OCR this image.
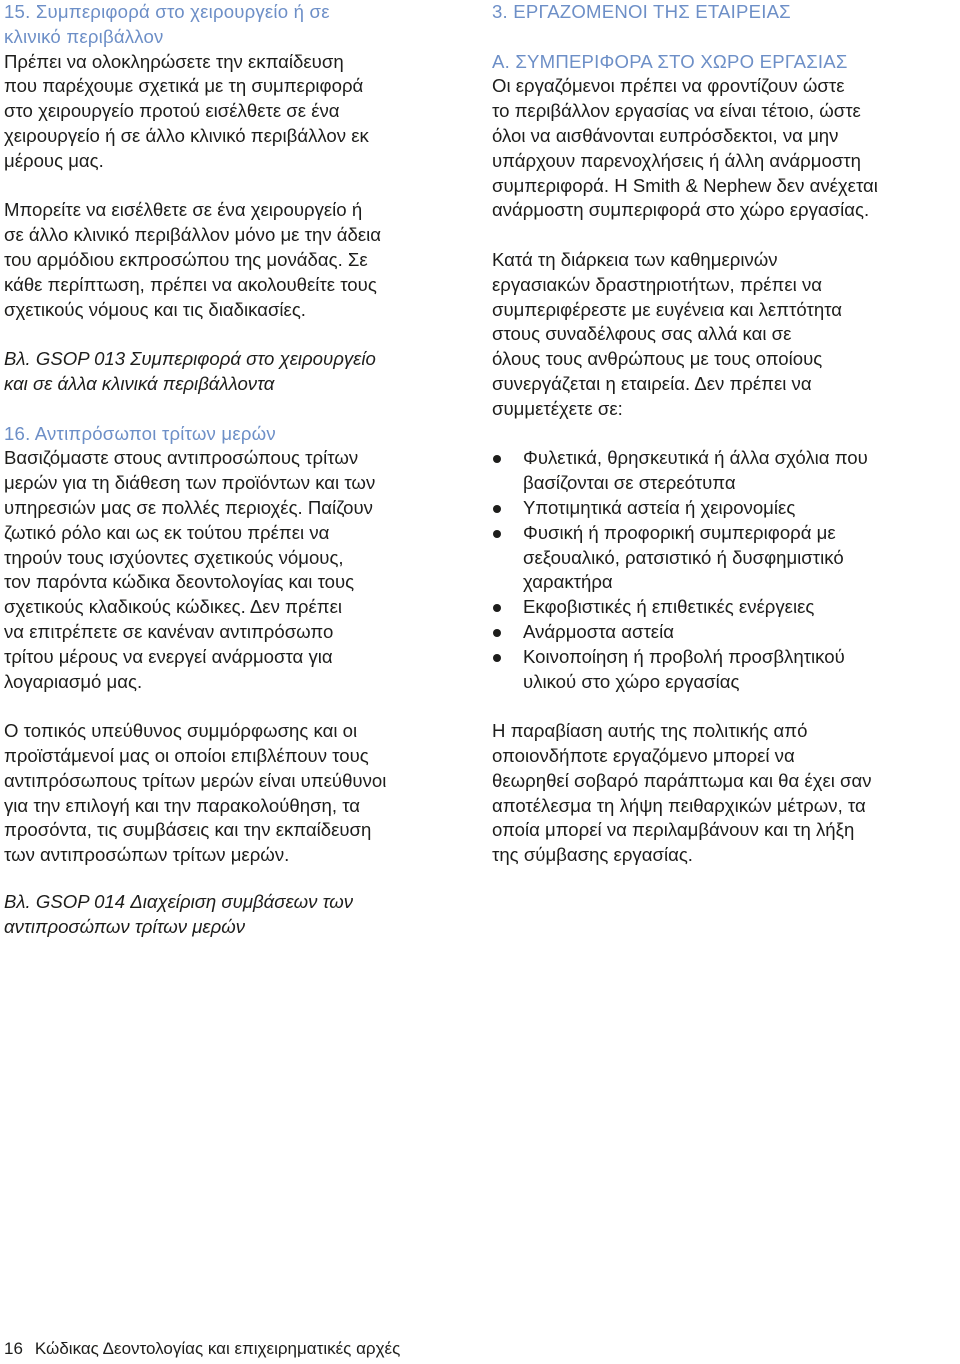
15. Συμπεριφορά στο χειρουργείο ή σε
κλινικό περιβάλλον
Πρέπει να ολοκληρώσετε την εκπαίδευση
που παρέχουμε σχετικά με τη συμπεριφορά
στο χειρουργείο προτού εισέλθετε σε ένα
χειρουργείο ή σε άλλο κλινικό περιβάλλον εκ
μέρους μας.
Μπορείτε να εισέλθετε σε ένα χειρουργείο ή
σε άλλο κλινικό περιβάλλον μόνο με την άδεια
του αρμόδιου εκπροσώπου της μονάδας. Σε
κάθε περίπτωση, πρέπει να ακολουθείτε τους
σχετικούς νόμους και τις διαδικασίες.
Βλ. GSOP 013 Συμπεριφορά στο χειρουργείο
και σε άλλα κλινικά περιβάλλοντα
16. Αντιπρόσωποι τρίτων μερών
Βασιζόμαστε στους αντιπροσώπους τρίτων
μερών για τη διάθεση των προϊόντων και των
υπηρεσιών μας σε πολλές περιοχές. Παίζουν
ζωτικό ρόλο και ως εκ τούτου πρέπει να
τηρούν τους ισχύοντες σχετικούς νόμους,
τον παρόντα κώδικα δεοντολογίας και τους
σχετικούς κλαδικούς κώδικες. Δεν πρέπει
να επιτρέπετε σε κανέναν αντιπρόσωπο
τρίτου μέρους να ενεργεί ανάρμοστα για
λογαριασμό μας.
Ο τοπικός υπεύθυνος συμμόρφωσης και οι
προϊστάμενοί μας οι οποίοι επιβλέπουν τους
αντιπρόσωπους τρίτων μερών είναι υπεύθυνοι
για την επιλογή και την παρακολούθηση, τα
προσόντα, τις συμβάσεις και την εκπαίδευση
των αντιπροσώπων τρίτων μερών.
Βλ. GSOP 014 Διαχείριση συμβάσεων των
αντιπροσώπων τρίτων μερών
3. ΕΡΓΑΖΟΜΕΝΟΙ ΤΗΣ ΕΤΑΙΡΕΙΑΣ
Α. ΣΥΜΠΕΡΙΦΟΡΑ ΣΤΟ ΧΩΡΟ ΕΡΓΑΣΙΑΣ
Οι εργαζόμενοι πρέπει να φροντίζουν ώστε
το περιβάλλον εργασίας να είναι τέτοιο, ώστε
όλοι να αισθάνονται ευπρόσδεκτοι, να μην
υπάρχουν παρενοχλήσεις ή άλλη ανάρμοστη
συμπεριφορά. Η Smith & Nephew δεν ανέχεται
ανάρμοστη συμπεριφορά στο χώρο εργασίας.
Κατά τη διάρκεια των καθημερινών
εργασιακών δραστηριοτήτων, πρέπει να
συμπεριφέρεστε με ευγένεια και λεπτότητα
στους συναδέλφους σας αλλά και σε
όλους τους ανθρώπους με τους οποίους
συνεργάζεται η εταιρεία. Δεν πρέπει να
συμμετέχετε σε:
Φυλετικά, θρησκευτικά ή άλλα σχόλια που
βασίζονται σε στερεότυπα
Υποτιμητικά αστεία ή χειρονομίες
Φυσική ή προφορική συμπεριφορά με
σεξουαλικό, ρατσιστικό ή δυσφημιστικό
χαρακτήρα
Εκφοβιστικές ή επιθετικές ενέργειες
Ανάρμοστα αστεία
Κοινοποίηση ή προβολή προσβλητικού
υλικού στο χώρο εργασίας
Η παραβίαση αυτής της πολιτικής από
οποιονδήποτε εργαζόμενο μπορεί να
θεωρηθεί σοβαρό παράπτωμα και θα έχει σαν
αποτέλεσμα τη λήψη πειθαρχικών μέτρων, τα
οποία μπορεί να περιλαμβάνουν και τη λήξη
της σύμβασης εργασίας.
16 Κώδικας Δεοντολογίας και επιχειρηματικές αρχές
